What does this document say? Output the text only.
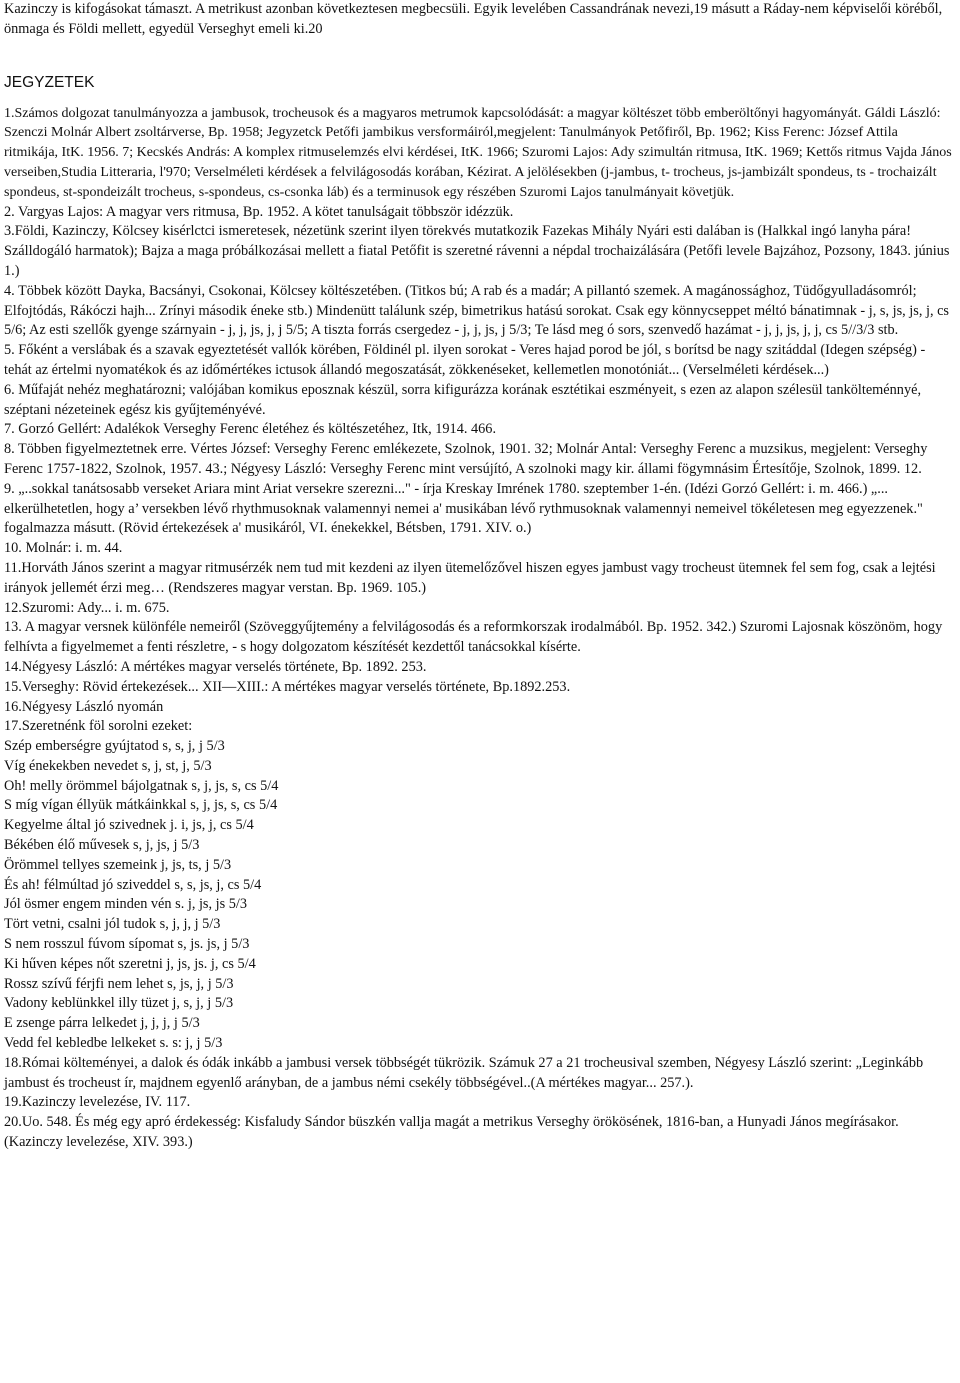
Kazinczy is kifogásokat támaszt. A metrikust azonban következtesen megbecsüli. Egyik levelében Cassandrának nevezi,19 másutt a Ráday-nem képviselői köréből, önmaga és Földi mellett, egyedül Verseghyt emeli ki.20

JEGYZETEK

1.Számos dolgozat tanulmányozza a jambusok, trocheusok és a magyaros metrumok kapcsolódását: a magyar költészet több emberöltőnyi hagyományát. Gáldi László: Szenczi Molnár Albert zsoltárverse, Bp. 1958; Jegyzetck Petőfi jambikus versformáiról,megjelent: Tanulmányok Petőfiről, Bp. 1962; Kiss Ferenc: József Attila ritmikája, ItK. 1956. 7; Kecskés András: A komplex ritmuselemzés elvi kérdései, ItK. 1966; Szuromi Lajos: Ady szimultán ritmusa, ItK. 1969; Kettős ritmus Vajda János verseiben,Studia Litteraria, l'970; Verselméleti kérdések a felvilágosodás korában, Kézirat. A jelölésekben (j-jambus, t- trocheus, js-jambizált spondeus, ts - trochaizált spondeus, st-spondeizált trocheus, s-spondeus, cs-csonka láb) és a terminusok egy részében Szuromi Lajos tanulmányait követjük.

2. Vargyas Lajos: A magyar vers ritmusa, Bp. 1952. A kötet tanulságait többször idézzük.

3.Földi, Kazinczy, Kölcsey kisérlctci ismeretesek, nézetünk szerint ilyen törekvés mutatkozik Fazekas Mihály Nyári esti dalában is (Halkkal ingó lanyha pára! Szálldogáló harmatok); Bajza a maga próbálkozásai mellett a fiatal Petőfit is szeretné rávenni a népdal trochaizálására (Petőfi levele Bajzához, Pozsony, 1843. június 1.)

4. Többek között Dayka, Bacsányi, Csokonai, Kölcsey költészetében. (Titkos bú; A rab és a madár; A pillantó szemek. A magánossághoz, Tüdőgyulladásomról; Elfojtódás, Rákóczi hajh... Zrínyi második éneke stb.) Mindenütt találunk szép, bimetrikus hatású sorokat. Csak egy könnycseppet méltó bánatimnak - j, s, js, js, j, cs 5/6; Az esti szellők gyenge szárnyain - j, j, js, j, j 5/5; A tiszta forrás csergedez - j, j, js, j 5/3; Te lásd meg ó sors, szenvedő hazámat - j, j, js, j, j, cs 5//3/3 stb.

5. Főként a verslábak és a szavak egyeztetését vallók körében, Földinél pl. ilyen sorokat - Veres hajad porod be jól, s borítsd be nagy szitáddal (Idegen szépség) - tehát az értelmi nyomatékok és az időmértékes ictusok állandó megoszatását, zökkenéseket, kellemetlen monotóniát... (Verselméleti kérdések...)

6. Műfaját nehéz meghatározni; valójában komikus eposznak készül, sorra kifigurázza korának esztétikai eszményeit, s ezen az alapon szélesül tankölteménnyé, széptani nézeteinek egész kis gyűjteményévé.

7. Gorzó Gellért: Adalékok Verseghy Ferenc életéhez és költészetéhez, Itk, 1914. 466.

8. Többen figyelmeztetnek erre. Vértes József: Verseghy Ferenc emlékezete, Szolnok, 1901. 32; Molnár Antal: Verseghy Ferenc a muzsikus, megjelent: Verseghy Ferenc 1757-1822, Szolnok, 1957. 43.; Négyesy László: Verseghy Ferenc mint versújító, A szolnoki magy kir. állami fögymnásim Értesítője, Szolnok, 1899. 12.

9. „..sokkal tanátsosabb verseket Ariara mint Ariat versekre szerezni..." - írja Kreskay Imrének 1780. szeptember 1-én. (Idézi Gorzó Gellért: i. m. 466.) „... elkerülhetetlen, hogy a’ versekben lévő rhythmusoknak valamennyi nemei a' musikában lévő rythmusoknak valamennyi nemeivel tökéletesen meg egyezzenek." fogalmazza másutt. (Rövid értekezések a' musikáról, VI. énekekkel, Bétsben, 1791. XIV. o.)

10. Molnár: i. m. 44.

11.Horváth János szerint a magyar ritmusérzék nem tud mit kezdeni az ilyen ütemelőzővel hiszen egyes jambust vagy trocheust ütemnek fel sem fog, csak a lejtési irányok jellemét érzi meg… (Rendszeres magyar verstan. Bp. 1969. 105.)

12.Szuromi: Ady... i. m. 675.

13. A magyar versnek különféle nemeiről (Szöveggyűjtemény a felvilágosodás és a reformkorszak irodalmából. Bp. 1952. 342.) Szuromi Lajosnak köszönöm, hogy felhívta a figyelmemet a fenti részletre, - s hogy dolgozatom készítését kezdettől tanácsokkal kísérte.

14.Négyesy László: A mértékes magyar verselés története, Bp. 1892. 253.

15.Verseghy: Rövid értekezések... XII—XIII.: A mértékes magyar verselés története, Bp.1892.253.

16.Négyesy László nyomán

17.Szeretnénk föl sorolni ezeket:

Szép emberségre gyújtatod s, s, j, j 5/3
Víg énekekben nevedet s, j, st, j, 5/3
Oh! melly örömmel bájolgatnak s, j, js, s, cs 5/4
S míg vígan éllyük mátkáinkkal s, j, js, s, cs 5/4
Kegyelme által jó szivednek j. i, js, j, cs 5/4
Békében élő művesek s, j, js, j 5/3
Örömmel tellyes szemeink j, js, ts, j 5/3
És ah! félmúltad jó sziveddel s, s, js, j, cs 5/4
Jól ösmer engem minden vén s. j, js, js 5/3
Tört vetni, csalni jól tudok s, j, j, j 5/3
S nem rosszul fúvom sípomat s, js. js, j 5/3
Ki hűven képes nőt szeretni j, js, js. j, cs 5/4
Rossz szívű férjfi nem lehet s, js, j, j 5/3
Vadony keblünkkel illy tüzet j, s, j, j 5/3
E zsenge párra lelkedet j, j, j, j 5/3
Vedd fel kebledbe lelkeket s. s: j, j 5/3

18.Római költeményei, a dalok és ódák inkább a jambusi versek többségét tükrözik. Számuk 27 a 21 trocheusival szemben, Négyesy László szerint: „Leginkább jambust és trocheust ír, majdnem egyenlő arányban, de a jambus némi csekély többségével..(A mértékes magyar... 257.).

19.Kazinczy levelezése, IV. 117.

20.Uo. 548. És még egy apró érdekesség: Kisfaludy Sándor büszkén vallja magát a metrikus Verseghy örökösének, 1816-ban, a Hunyadi János megírásakor. (Kazinczy levelezése, XIV. 393.)
